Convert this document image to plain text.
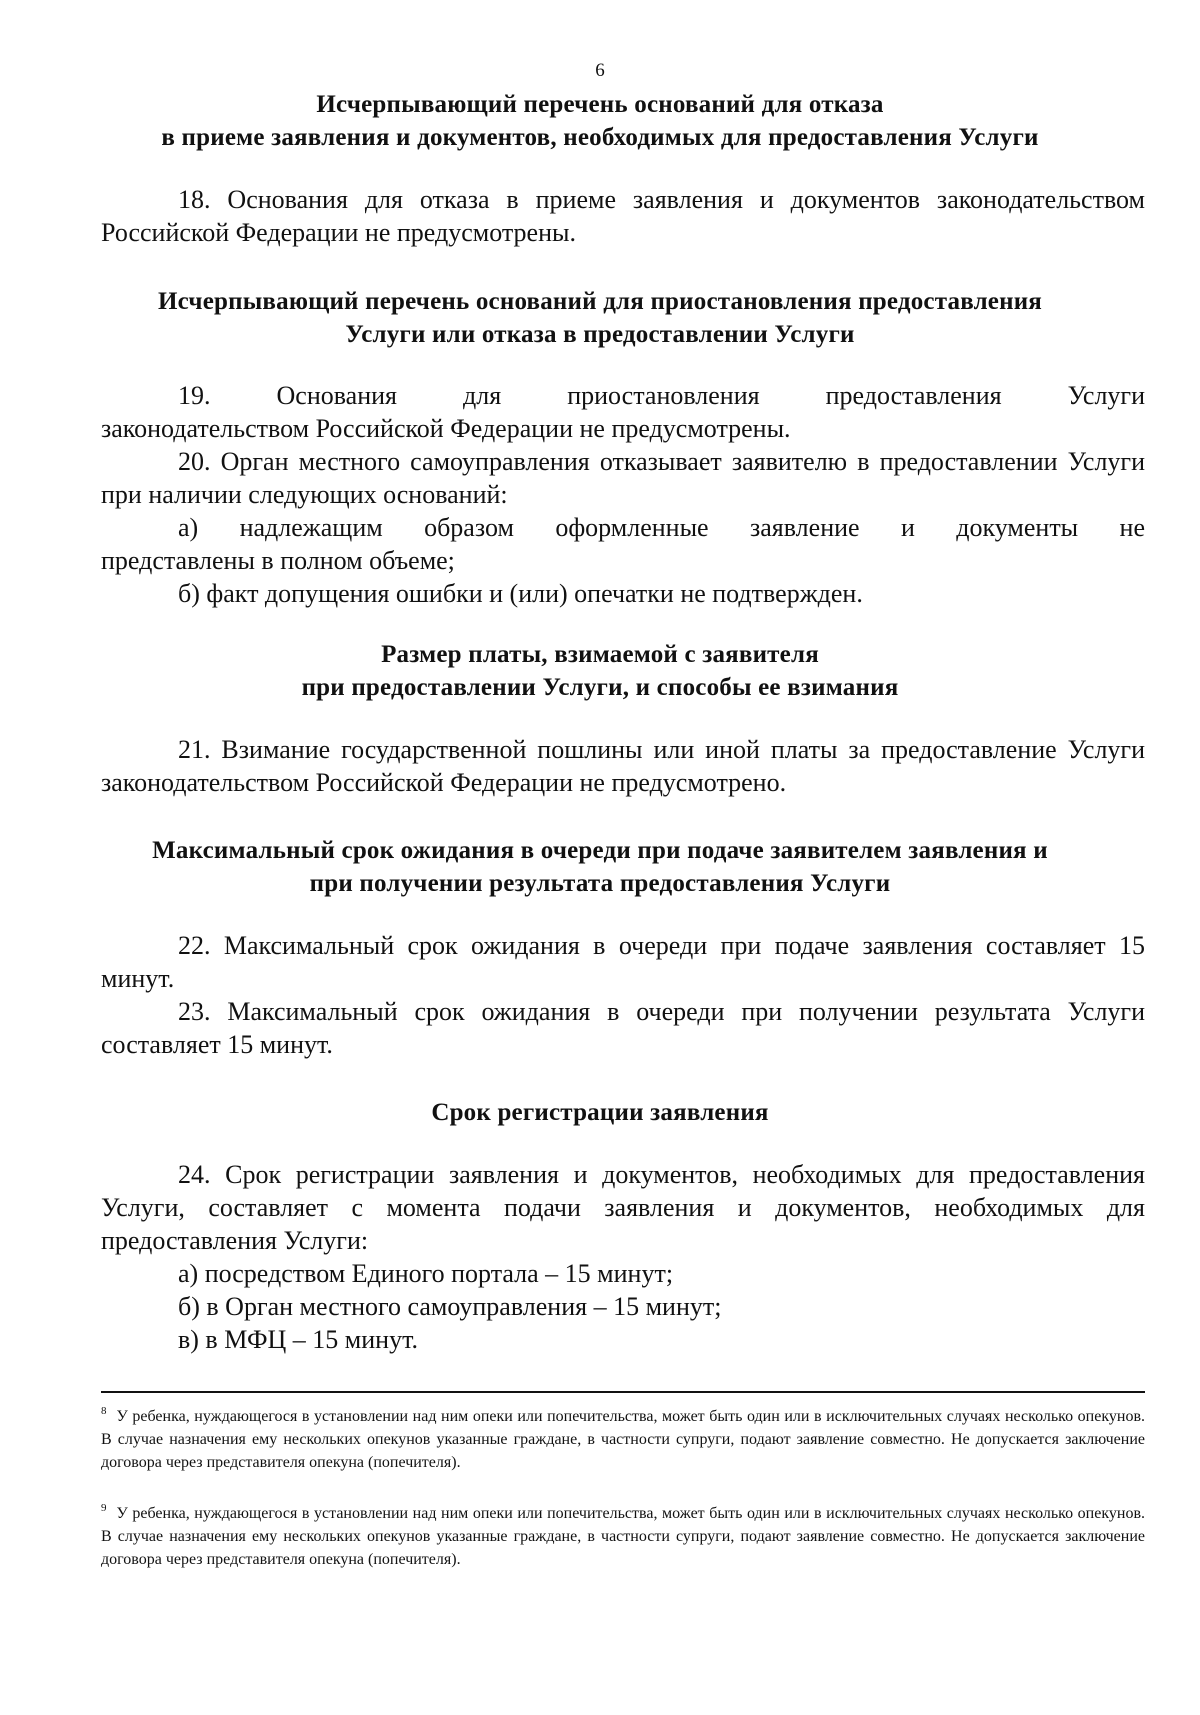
6
Исчерпывающий перечень оснований для отказа
в приеме заявления и документов, необходимых для предоставления Услуги
18. Основания для отказа в приеме заявления и документов законодательством Российской Федерации не предусмотрены.
Исчерпывающий перечень оснований для приостановления предоставления
Услуги или отказа в предоставлении Услуги
19. Основания для приостановления предоставления Услуги
законодательством Российской Федерации не предусмотрены.
20. Орган местного самоуправления отказывает заявителю в предоставлении Услуги при наличии следующих оснований:
а) надлежащим образом оформленные заявление и документы не
представлены в полном объеме;
б) факт допущения ошибки и (или) опечатки не подтвержден.
Размер платы, взимаемой с заявителя
при предоставлении Услуги, и способы ее взимания
21. Взимание государственной пошлины или иной платы за предоставление Услуги законодательством Российской Федерации не предусмотрено.
Максимальный срок ожидания в очереди при подаче заявителем заявления и
при получении результата предоставления Услуги
22. Максимальный срок ожидания в очереди при подаче заявления составляет 15 минут.
23. Максимальный срок ожидания в очереди при получении результата Услуги составляет 15 минут.
Срок регистрации заявления
24. Срок регистрации заявления и документов, необходимых для предоставления Услуги, составляет с момента подачи заявления и документов, необходимых для предоставления Услуги:
а) посредством Единого портала – 15 минут;
б) в Орган местного самоуправления – 15 минут;
в) в МФЦ – 15 минут.
$^8$ У ребенка, нуждающегося в установлении над ним опеки или попечительства, может быть один или в исключительных случаях несколько опекунов. В случае назначения ему нескольких опекунов указанные граждане, в частности супруги, подают заявление совместно. Не допускается заключение договора через представителя опекуна (попечителя).
$^9$ У ребенка, нуждающегося в установлении над ним опеки или попечительства, может быть один или в исключительных случаях несколько опекунов. В случае назначения ему нескольких опекунов указанные граждане, в частности супруги, подают заявление совместно. Не допускается заключение договора через представителя опекуна (попечителя).
